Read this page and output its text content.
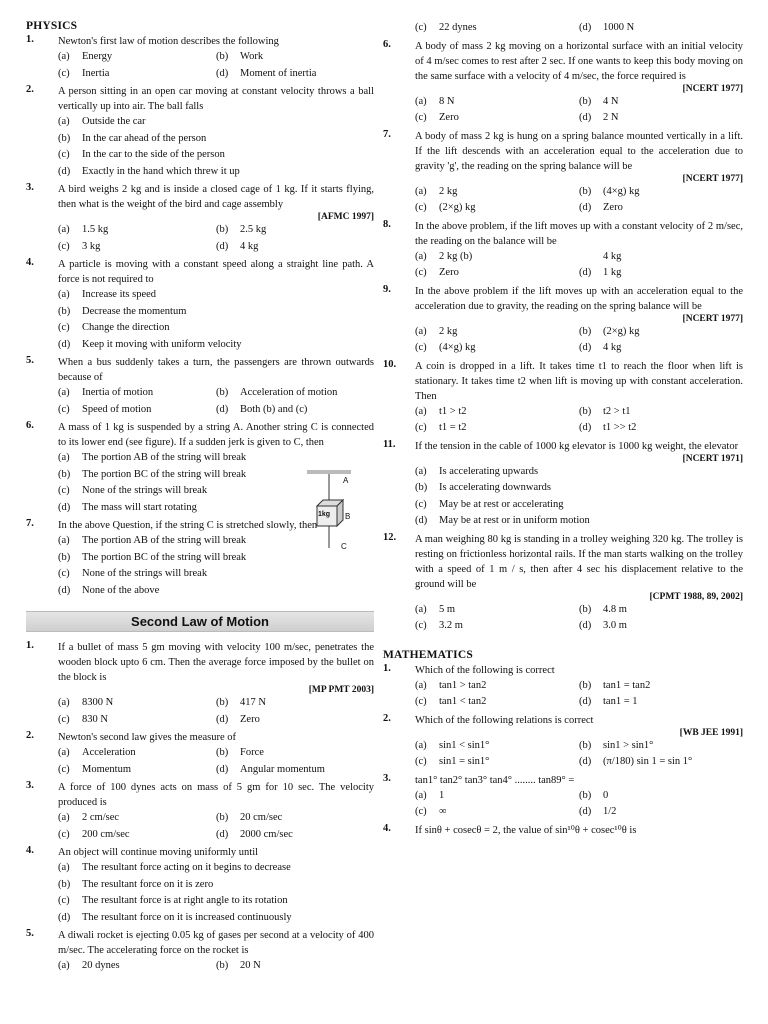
PHYSICS
1.	Newton's first law of motion describes the following
(a)	Energy	(b)	Work
(c)	Inertia	(d)	Moment of inertia
2.	A person sitting in an open car moving at constant velocity throws a ball vertically up into air. The ball falls
(a)	Outside the car
(b)	In the car ahead of the person
(c)	In the car to the side of the person
(d)	Exactly in the hand which threw it up
3.	A bird weighs 2 kg and is inside a closed cage of 1 kg. If it starts flying, then what is the weight of the bird and cage assembly
[AFMC 1997]
(a)	1.5 kg	(b)	2.5 kg
(c)	3 kg	(d)	4 kg
4.	A particle is moving with a constant speed along a straight line path. A force is not required to
(a)	Increase its speed
(b)	Decrease the momentum
(c)	Change the direction
(d)	Keep it moving with uniform velocity
5.	When a bus suddenly takes a turn, the passengers are thrown outwards because of
(a)	Inertia of motion	(b)	Acceleration of motion
(c)	Speed of motion	(d)	Both (b) and (c)
6.	A mass of 1 kg is suspended by a string A. Another string C is connected to its lower end (see figure). If a sudden jerk is given to C, then
(a)	The portion AB of the string will break
(b)	The portion BC of the string will break
(c)	None of the strings will break
(d)	The mass will start rotating
7.	In the above Question, if the string C is stretched slowly, then
(a)	The portion AB of the string will break
(b)	The portion BC of the string will break
(c)	None of the strings will break
(d)	None of the above
Second Law of Motion
1.	If a bullet of mass 5 gm moving with velocity 100 m/sec, penetrates the wooden block upto 6 cm. Then the average force imposed by the bullet on the block is
[MP PMT 2003]
(a)	8300 N	(b)	417 N
(c)	830 N	(d)	Zero
2.	Newton's second law gives the measure of
(a)	Acceleration	(b)	Force
(c)	Momentum	(d)	Angular momentum
3.	A force of 100 dynes acts on mass of 5 gm for 10 sec. The velocity produced is
(a)	2 cm/sec	(b)	20 cm/sec
(c)	200 cm/sec	(d)	2000 cm/sec
4.	An object will continue moving uniformly until
(a)	The resultant force acting on it begins to decrease
(b)	The resultant force on it is zero
(c)	The resultant force is at right angle to its rotation
(d)	The resultant force on it is increased continuously
5.	A diwali rocket is ejecting 0.05 kg of gases per second at a velocity of 400 m/sec. The accelerating force on the rocket is
(a)	20 dynes	(b)	20 N
A
B
C
1kg
(c)	22 dynes	(d)	1000 N
6.	A body of mass 2 kg moving on a horizontal surface with an initial velocity of 4 m/sec comes to rest after 2 sec. If one wants to keep this body moving on the same surface with a velocity of 4 m/sec, the force required is
[NCERT 1977]
(a)	8 N	(b)	4 N
(c)	Zero	(d)	2 N
7.	A body of mass 2 kg is hung on a spring balance mounted vertically in a lift. If the lift descends with an acceleration equal to the acceleration due to gravity 'g', the reading on the spring balance will be
[NCERT 1977]
(a)	2 kg	(b)	(4×g) kg
(c)	(2×g) kg	(d)	Zero
8.	In the above problem, if the lift moves up with a constant velocity of 2 m/sec, the reading on the balance will be
(a)	2 kg (b)	4 kg
(c)	Zero	(d)	1 kg
9.	In the above problem if the lift moves up with an acceleration equal to the acceleration due to gravity, the reading on the spring balance will be
[NCERT 1977]
(a)	2 kg	(b)	(2×g) kg
(c)	(4×g) kg	(d)	4 kg
10.	A coin is dropped in a lift. It takes time t1 to reach the floor when lift is stationary. It takes time t2 when lift is moving up with constant acceleration. Then
(a)	t1 > t2	(b)	t2 > t1
(c)	t1 = t2	(d)	t1 >> t2
11.	If the tension in the cable of 1000 kg elevator is 1000 kg weight, the elevator
[NCERT 1971]
(a)	Is accelerating upwards
(b)	Is accelerating downwards
(c)	May be at rest or accelerating
(d)	May be at rest or in uniform motion
12.	A man weighing 80 kg is standing in a trolley weighing 320 kg. The trolley is resting on frictionless horizontal rails. If the man starts walking on the trolley with a speed of 1 m / s, then after 4 sec his displacement relative to the ground will be
[CPMT 1988, 89, 2002]
(a)	5 m	(b)	4.8 m
(c)	3.2 m	(d)	3.0 m
MATHEMATICS
1.	Which of the following is correct
(a)	tan1 > tan2	(b)	tan1 = tan2
(c)	tan1 < tan2	(d)	tan1 = 1
2.	Which of the following relations is correct
[WB JEE 1991]
(a)	sin1 < sin1°	(b)	sin1 > sin1°
(c)	sin1 = sin1°	(d)	(π/180) sin 1 = sin 1°
3.	tan1° tan2° tan3° tan4° ........ tan89° =
(a)	1	(b)	0
(c)	∞	(d)	1/2
4.	If sinθ + cosecθ = 2, the value of sin¹⁰θ + cosec¹⁰θ is
